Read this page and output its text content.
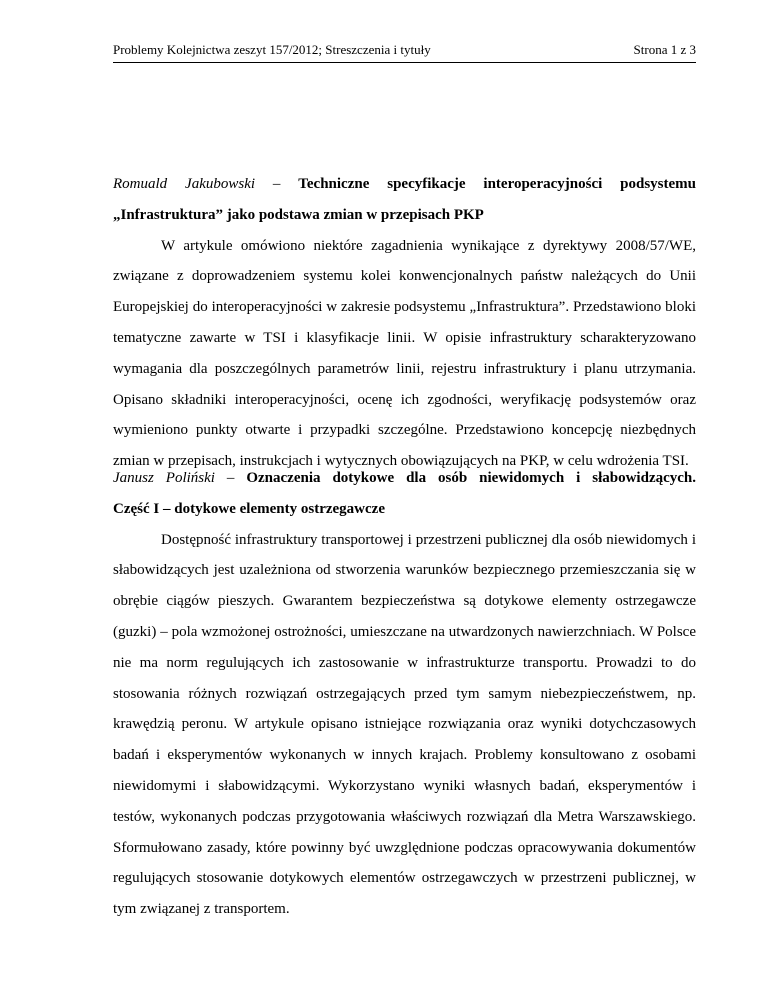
Problemy Kolejnictwa zeszyt 157/2012; Streszczenia i tytuły	Strona 1 z 3

Romuald Jakubowski – Techniczne specyfikacje interoperacyjności podsystemu

„Infrastruktura” jako podstawa zmian w przepisach PKP

W artykule omówiono niektóre zagadnienia wynikające z dyrektywy 2008/57/WE, związane z doprowadzeniem systemu kolei konwencjonalnych państw należących do Unii Europejskiej do interoperacyjności w zakresie podsystemu „Infrastruktura”. Przedstawiono bloki tematyczne zawarte w TSI i klasyfikacje linii. W opisie infrastruktury scharakteryzowano wymagania dla poszczególnych parametrów linii, rejestru infrastruktury i planu utrzymania. Opisano składniki interoperacyjności, ocenę ich zgodności, weryfikację podsystemów oraz wymieniono punkty otwarte i przypadki szczególne. Przedstawiono koncepcję niezbędnych zmian w przepisach, instrukcjach i wytycznych obowiązujących na PKP, w celu wdrożenia TSI.

Janusz Poliński – Oznaczenia dotykowe dla osób niewidomych i słabowidzących.

Część I – dotykowe elementy ostrzegawcze

Dostępność infrastruktury transportowej i przestrzeni publicznej dla osób niewidomych i słabowidzących jest uzależniona od stworzenia warunków bezpiecznego przemieszczania się w obrębie ciągów pieszych. Gwarantem bezpieczeństwa są dotykowe elementy ostrzegawcze (guzki) – pola wzmożonej ostrożności, umieszczane na utwardzonych nawierzchniach. W Polsce nie ma norm regulujących ich zastosowanie w infrastrukturze transportu. Prowadzi to do stosowania różnych rozwiązań ostrzegających przed tym samym niebezpieczeństwem, np. krawędzią peronu. W artykule opisano istniejące rozwiązania oraz wyniki dotychczasowych badań i eksperymentów wykonanych w innych krajach. Problemy konsultowano z osobami niewidomymi i słabowidzącymi. Wykorzystano wyniki własnych badań, eksperymentów i testów, wykonanych podczas przygotowania właściwych rozwiązań dla Metra Warszawskiego. Sformułowano zasady, które powinny być uwzględnione podczas opracowywania dokumentów regulujących stosowanie dotykowych elementów ostrzegawczych w przestrzeni publicznej, w tym związanej z transportem.
